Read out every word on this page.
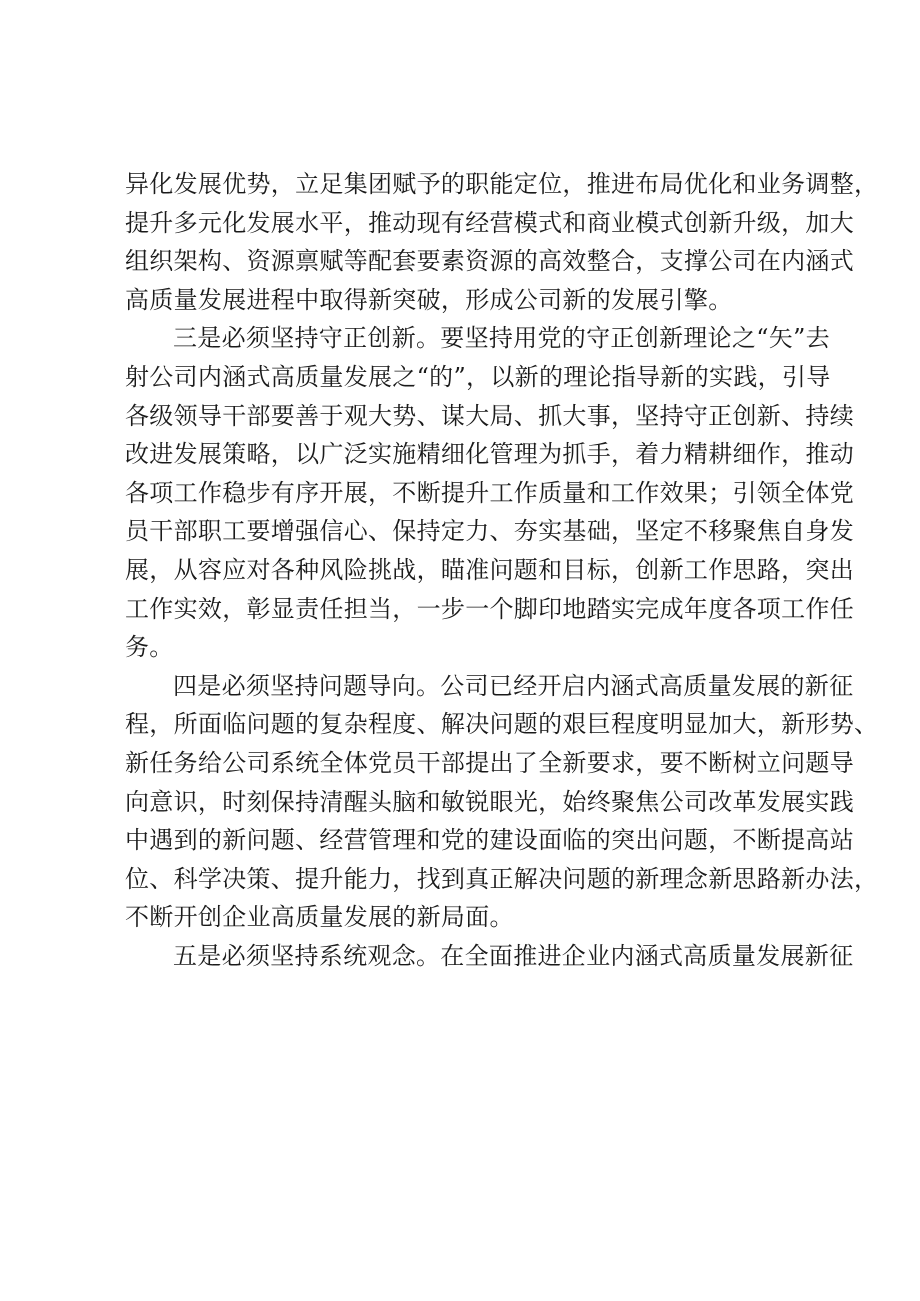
异化发展优势，立足集团赋予的职能定位，推进布局优化和业务调整，
提升多元化发展水平，推动现有经营模式和商业模式创新升级，加大
组织架构、资源禀赋等配套要素资源的高效整合，支撑公司在内涵式
高质量发展进程中取得新突破，形成公司新的发展引擎。
三是必须坚持守正创新。要坚持用党的守正创新理论之“矢”去
射公司内涵式高质量发展之“的”，以新的理论指导新的实践，引导
各级领导干部要善于观大势、谋大局、抓大事，坚持守正创新、持续
改进发展策略，以广泛实施精细化管理为抓手，着力精耕细作，推动
各项工作稳步有序开展，不断提升工作质量和工作效果；引领全体党
员干部职工要增强信心、保持定力、夯实基础，坚定不移聚焦自身发
展，从容应对各种风险挑战，瞄准问题和目标，创新工作思路，突出
工作实效，彰显责任担当，一步一个脚印地踏实完成年度各项工作任
务。
四是必须坚持问题导向。公司已经开启内涵式高质量发展的新征
程，所面临问题的复杂程度、解决问题的艰巨程度明显加大，新形势、
新任务给公司系统全体党员干部提出了全新要求，要不断树立问题导
向意识，时刻保持清醒头脑和敏锐眼光，始终聚焦公司改革发展实践
中遇到的新问题、经营管理和党的建设面临的突出问题，不断提高站
位、科学决策、提升能力，找到真正解决问题的新理念新思路新办法，
不断开创企业高质量发展的新局面。
五是必须坚持系统观念。在全面推进企业内涵式高质量发展新征
